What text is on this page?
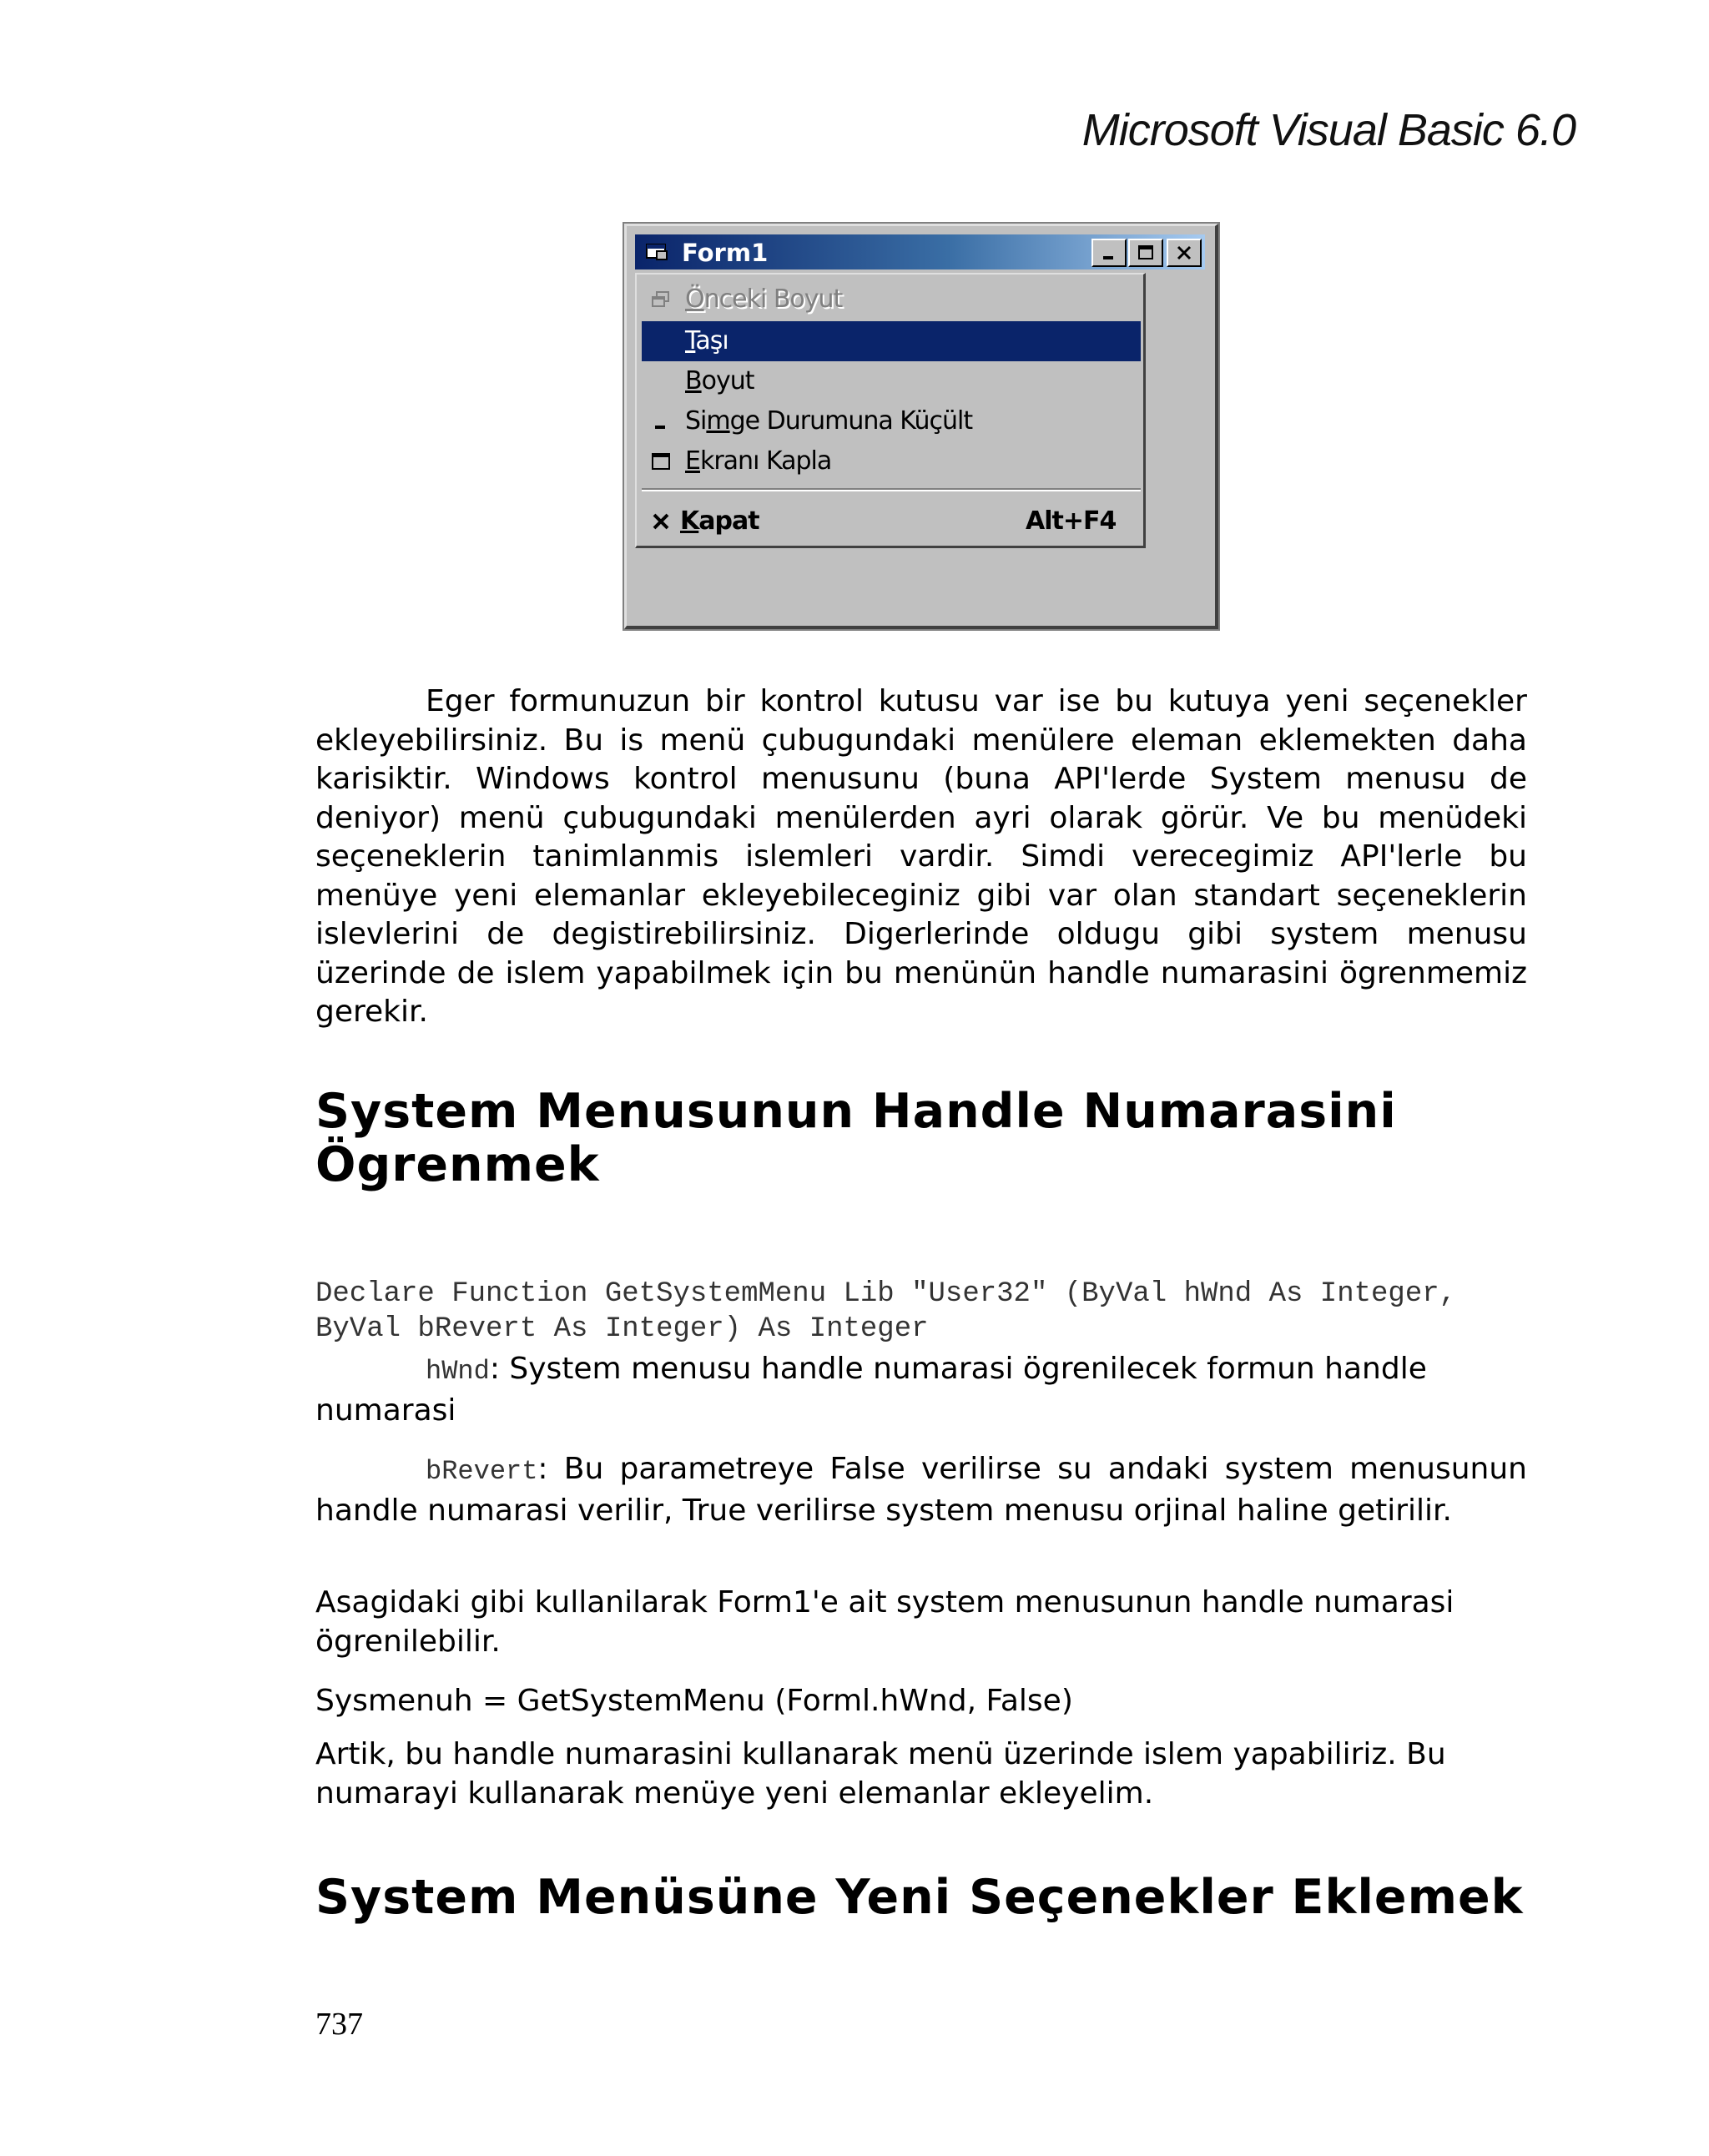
Microsoft Visual Basic 6.0
Form1
Önceki Boyut
Taşı
Boyut
Simge Durumuna Küçült
Ekranı Kapla
Kapat	Alt+F4

Eger formunuzun bir kontrol kutusu var ise bu kutuya yeni seçenekler ekleyebilirsiniz. Bu is menü çubugundaki menülere eleman eklemekten daha karisiktir. Windows kontrol menusunu (buna API'lerde System menusu de deniyor) menü çubugundaki menülerden ayri olarak görür. Ve bu menüdeki seçeneklerin tanimlanmis islemleri vardir. Simdi verecegimiz API'lerle bu menüye yeni elemanlar ekleyebileceginiz gibi var olan standart seçeneklerin islevlerini de degistirebilirsiniz. Digerlerinde oldugu gibi system menusu üzerinde de islem yapabilmek için bu menünün handle numarasini ögrenmemiz gerekir.

System Menusunun Handle Numarasini Ögrenmek
Declare Function GetSystemMenu Lib "User32" (ByVal hWnd As Integer, ByVal bRevert As Integer) As Integer

hWnd: System menusu handle numarasi ögrenilecek formun handle numarasi

bRevert: Bu parametreye False verilirse su andaki system menusunun handle numarasi verilir, True verilirse system menusu orjinal haline getirilir.

Asagidaki gibi kullanilarak Form1'e ait system menusunun handle numarasi ögrenilebilir.

Sysmenuh = GetSystemMenu (Forml.hWnd, False)

Artik, bu handle numarasini kullanarak menü üzerinde islem yapabiliriz. Bu numarayi kullanarak menüye yeni elemanlar ekleyelim.

System Menüsüne Yeni Seçenekler Eklemek
737
